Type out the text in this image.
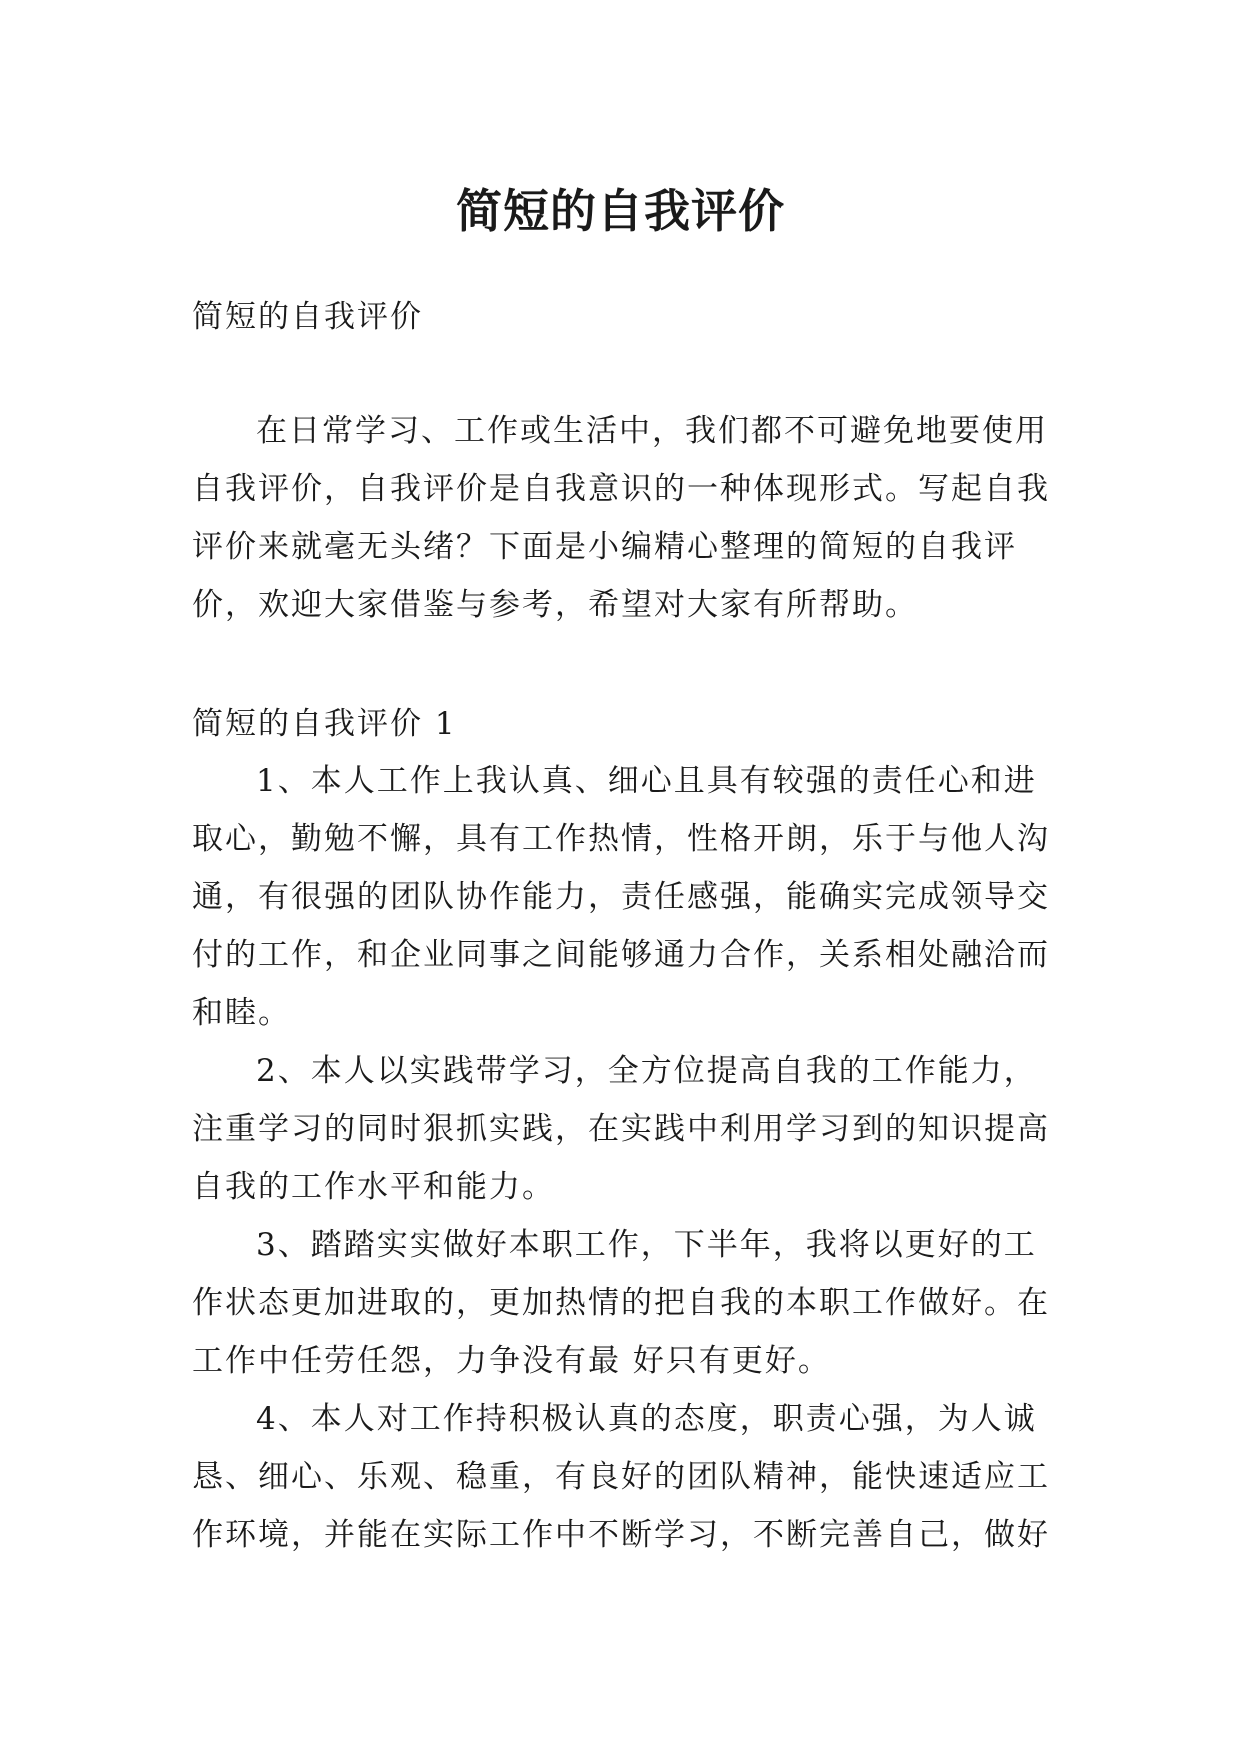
简短的自我评价

简短的自我评价

在日常学习、工作或生活中，我们都不可避免地要使用自我评价，自我评价是自我意识的一种体现形式。写起自我评价来就毫无头绪？下面是小编精心整理的简短的自我评价，欢迎大家借鉴与参考，希望对大家有所帮助。

简短的自我评价 1

1、本人工作上我认真、细心且具有较强的责任心和进取心，勤勉不懈，具有工作热情，性格开朗，乐于与他人沟通，有很强的团队协作能力，责任感强，能确实完成领导交付的工作，和企业同事之间能够通力合作，关系相处融洽而和睦。

2、本人以实践带学习，全方位提高自我的工作能力，注重学习的同时狠抓实践，在实践中利用学习到的知识提高自我的工作水平和能力。

3、踏踏实实做好本职工作，下半年，我将以更好的工作状态更加进取的，更加热情的把自我的本职工作做好。在工作中任劳任怨，力争没有最 好只有更好。

4、本人对工作持积极认真的态度，职责心强，为人诚恳、细心、乐观、稳重，有良好的团队精神，能快速适应工作环境，并能在实际工作中不断学习，不断完善自己，做好
